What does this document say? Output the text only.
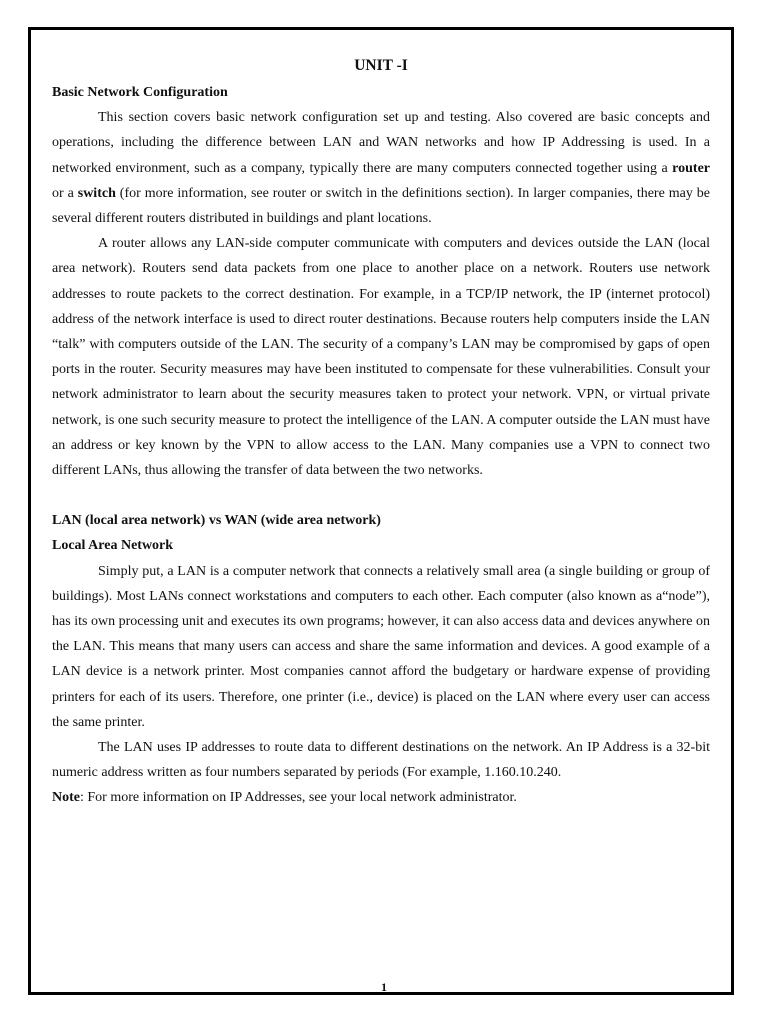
UNIT -I
Basic Network Configuration

This section covers basic network configuration set up and testing. Also covered are basic concepts and operations, including the difference between LAN and WAN networks and how IP Addressing is used. In a networked environment, such as a company, typically there are many computers connected together using a router or a switch (for more information, see router or switch in the definitions section). In larger companies, there may be several different routers distributed in buildings and plant locations.

A router allows any LAN-side computer communicate with computers and devices outside the LAN (local area network). Routers send data packets from one place to another place on a network. Routers use network addresses to route packets to the correct destination. For example, in a TCP/IP network, the IP (internet protocol) address of the network interface is used to direct router destinations. Because routers help computers inside the LAN “talk” with computers outside of the LAN. The security of a company’s LAN may be compromised by gaps of open ports in the router. Security measures may have been instituted to compensate for these vulnerabilities. Consult your network administrator to learn about the security measures taken to protect your network. VPN, or virtual private network, is one such security measure to protect the intelligence of the LAN. A computer outside the LAN must have an address or key known by the VPN to allow access to the LAN. Many companies use a VPN to connect two different LANs, thus allowing the transfer of data between the two networks.

LAN (local area network) vs WAN (wide area network)
Local Area Network

Simply put, a LAN is a computer network that connects a relatively small area (a single building or group of buildings). Most LANs connect workstations and computers to each other. Each computer (also known as a“node”), has its own processing unit and executes its own programs; however, it can also access data and devices anywhere on the LAN. This means that many users can access and share the same information and devices. A good example of a LAN device is a network printer. Most companies cannot afford the budgetary or hardware expense of providing printers for each of its users. Therefore, one printer (i.e., device) is placed on the LAN where every user can access the same printer.

The LAN uses IP addresses to route data to different destinations on the network. An IP Address is a 32-bit numeric address written as four numbers separated by periods (For example, 1.160.10.240.

Note: For more information on IP Addresses, see your local network administrator.
1
